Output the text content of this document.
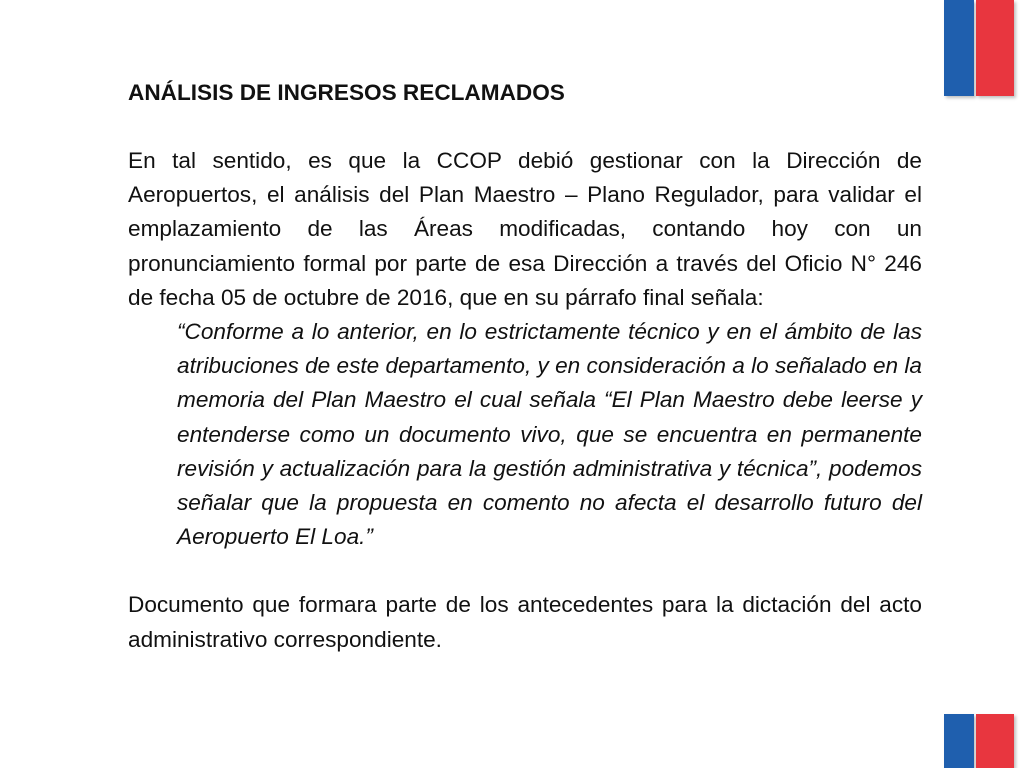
ANÁLISIS DE INGRESOS RECLAMADOS

En tal sentido, es que la CCOP debió gestionar con la Dirección de Aeropuertos, el análisis del Plan Maestro – Plano Regulador, para validar el emplazamiento de las Áreas modificadas, contando hoy con un pronunciamiento formal por parte de esa Dirección a través del Oficio N° 246 de fecha 05 de octubre de 2016, que en su párrafo final señala:

“Conforme a lo anterior, en lo estrictamente técnico y en el ámbito de las atribuciones de este departamento, y en consideración a lo señalado en la memoria del Plan Maestro el cual señala “El Plan Maestro debe leerse y entenderse como un documento vivo, que se encuentra en permanente revisión y actualización para la gestión administrativa y técnica”, podemos señalar que la propuesta en comento no afecta el desarrollo futuro del Aeropuerto El Loa.”

Documento que formara parte de los antecedentes para la dictación del acto administrativo correspondiente.
